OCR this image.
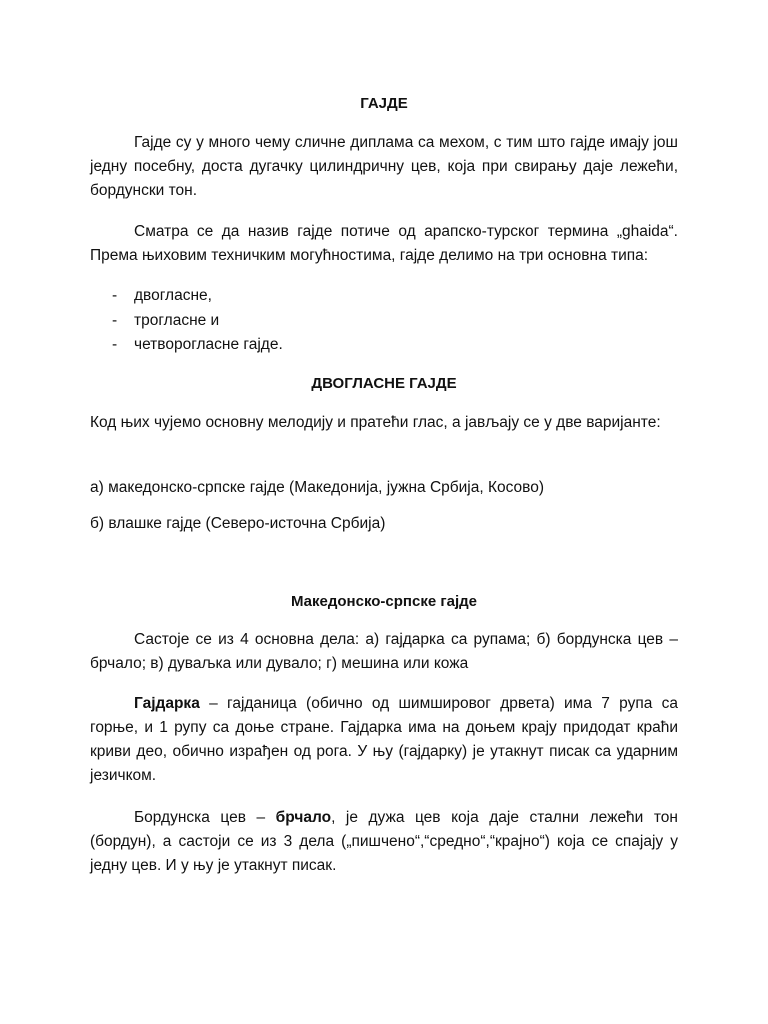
ГАЈДЕ

Гајде су у много чему сличне диплама са мехом, с тим што гајде имају још једну посебну, доста дугачку цилиндричну цев, која при свирању даје лежећи, бордунски тон.

Сматра се да назив гајде потиче од арапско-турског термина „ghaida“. Према њиховим техничким могућностима, гајде делимо на три основна типа:

- двогласне,
- трогласне и
- четворогласне гајде.
ДВОГЛАСНЕ ГАЈДЕ

Код њих чујемо основну мелодију и пратећи глас, а јављају се у две варијанте:

а) македонско-српске гајде (Македонија, јужна Србија, Косово)

б) влашке гајде (Северо-источна Србија)

Македонско-српске гајде

Састоје се из 4 основна дела: а) гајдарка са рупама; б) бордунска цев – брчало; в) дуваљка или дувало; г) мешина или кожа

Гајдарка – гајданица (обично од шимшировог дрвета) има 7 рупа са горње, и 1 рупу са доње стране. Гајдарка има на доњем крају придодат краћи криви део, обично израђен од рога. У њу (гајдарку) је утакнут писак са ударним језичком.

Бордунска цев – брчало, је дужа цев која даје стални лежећи тон (бордун), а састоји се из 3 дела („пишчено“,“средно“,“крајно“) која се спајају у једну цев. И у њу је утакнут писак.
